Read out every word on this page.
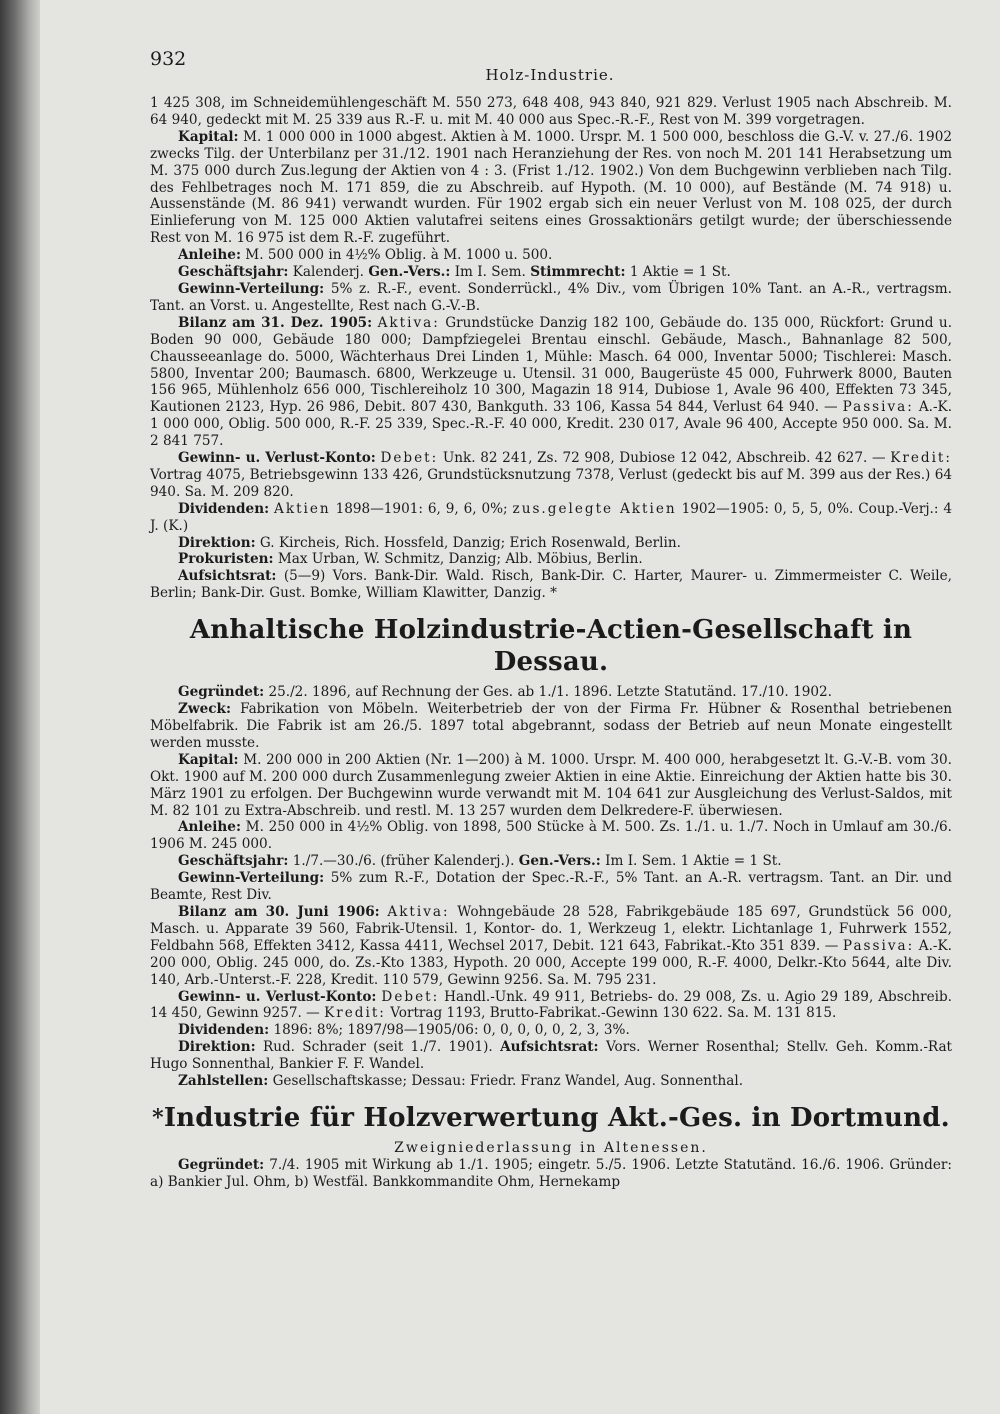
932
Holz-Industrie.

1 425 308, im Schneidemühlengeschäft M. 550 273, 648 408, 943 840, 921 829. Verlust 1905 nach Abschreib. M. 64 940, gedeckt mit M. 25 339 aus R.-F. u. mit M. 40 000 aus Spec.-R.-F., Rest von M. 399 vorgetragen.

Kapital: M. 1 000 000 in 1000 abgest. Aktien à M. 1000. Urspr. M. 1 500 000, beschloss die G.-V. v. 27./6. 1902 zwecks Tilg. der Unterbilanz per 31./12. 1901 nach Heranziehung der Res. von noch M. 201 141 Herabsetzung um M. 375 000 durch Zus.legung der Aktien von 4 : 3. (Frist 1./12. 1902.) Von dem Buchgewinn verblieben nach Tilg. des Fehlbetrages noch M. 171 859, die zu Abschreib. auf Hypoth. (M. 10 000), auf Bestände (M. 74 918) u. Aussenstände (M. 86 941) verwandt wurden. Für 1902 ergab sich ein neuer Verlust von M. 108 025, der durch Einlieferung von M. 125 000 Aktien valutafrei seitens eines Grossaktionärs getilgt wurde; der überschiessende Rest von M. 16 975 ist dem R.-F. zugeführt.

Anleihe: M. 500 000 in 4½% Oblig. à M. 1000 u. 500.

Geschäftsjahr: Kalenderj. Gen.-Vers.: Im I. Sem. Stimmrecht: 1 Aktie = 1 St.

Gewinn-Verteilung: 5% z. R.-F., event. Sonderrückl., 4% Div., vom Übrigen 10% Tant. an A.-R., vertragsm. Tant. an Vorst. u. Angestellte, Rest nach G.-V.-B.

Bilanz am 31. Dez. 1905: Aktiva: Grundstücke Danzig 182 100, Gebäude do. 135 000, Rückfort: Grund u. Boden 90 000, Gebäude 180 000; Dampfziegelei Brentau einschl. Gebäude, Masch., Bahnanlage 82 500, Chausseeanlage do. 5000, Wächterhaus Drei Linden 1, Mühle: Masch. 64 000, Inventar 5000; Tischlerei: Masch. 5800, Inventar 200; Baumasch. 6800, Werkzeuge u. Utensil. 31 000, Baugerüste 45 000, Fuhrwerk 8000, Bauten 156 965, Mühlenholz 656 000, Tischlereiholz 10 300, Magazin 18 914, Dubiose 1, Avale 96 400, Effekten 73 345, Kautionen 2123, Hyp. 26 986, Debit. 807 430, Bankguth. 33 106, Kassa 54 844, Verlust 64 940. — Passiva: A.-K. 1 000 000, Oblig. 500 000, R.-F. 25 339, Spec.-R.-F. 40 000, Kredit. 230 017, Avale 96 400, Accepte 950 000. Sa. M. 2 841 757.

Gewinn- u. Verlust-Konto: Debet: Unk. 82 241, Zs. 72 908, Dubiose 12 042, Abschreib. 42 627. — Kredit: Vortrag 4075, Betriebsgewinn 133 426, Grundstücksnutzung 7378, Verlust (gedeckt bis auf M. 399 aus der Res.) 64 940. Sa. M. 209 820.

Dividenden: Aktien 1898—1901: 6, 9, 6, 0%; zus.gelegte Aktien 1902—1905: 0, 5, 5, 0%. Coup.-Verj.: 4 J. (K.)

Direktion: G. Kircheis, Rich. Hossfeld, Danzig; Erich Rosenwald, Berlin.

Prokuristen: Max Urban, W. Schmitz, Danzig; Alb. Möbius, Berlin.

Aufsichtsrat: (5—9) Vors. Bank-Dir. Wald. Risch, Bank-Dir. C. Harter, Maurer- u. Zimmermeister C. Weile, Berlin; Bank-Dir. Gust. Bomke, William Klawitter, Danzig. *

Anhaltische Holzindustrie-Actien-Gesellschaft in Dessau.

Gegründet: 25./2. 1896, auf Rechnung der Ges. ab 1./1. 1896. Letzte Statutänd. 17./10. 1902.

Zweck: Fabrikation von Möbeln. Weiterbetrieb der von der Firma Fr. Hübner & Rosenthal betriebenen Möbelfabrik. Die Fabrik ist am 26./5. 1897 total abgebrannt, sodass der Betrieb auf neun Monate eingestellt werden musste.

Kapital: M. 200 000 in 200 Aktien (Nr. 1—200) à M. 1000. Urspr. M. 400 000, herabgesetzt lt. G.-V.-B. vom 30. Okt. 1900 auf M. 200 000 durch Zusammenlegung zweier Aktien in eine Aktie. Einreichung der Aktien hatte bis 30. März 1901 zu erfolgen. Der Buchgewinn wurde verwandt mit M. 104 641 zur Ausgleichung des Verlust-Saldos, mit M. 82 101 zu Extra-Abschreib. und restl. M. 13 257 wurden dem Delkredere-F. überwiesen.

Anleihe: M. 250 000 in 4½% Oblig. von 1898, 500 Stücke à M. 500. Zs. 1./1. u. 1./7. Noch in Umlauf am 30./6. 1906 M. 245 000.

Geschäftsjahr: 1./7.—30./6. (früher Kalenderj.). Gen.-Vers.: Im I. Sem. 1 Aktie = 1 St.

Gewinn-Verteilung: 5% zum R.-F., Dotation der Spec.-R.-F., 5% Tant. an A.-R. vertragsm. Tant. an Dir. und Beamte, Rest Div.

Bilanz am 30. Juni 1906: Aktiva: Wohngebäude 28 528, Fabrikgebäude 185 697, Grundstück 56 000, Masch. u. Apparate 39 560, Fabrik-Utensil. 1, Kontor- do. 1, Werkzeug 1, elektr. Lichtanlage 1, Fuhrwerk 1552, Feldbahn 568, Effekten 3412, Kassa 4411, Wechsel 2017, Debit. 121 643, Fabrikat.-Kto 351 839. — Passiva: A.-K. 200 000, Oblig. 245 000, do. Zs.-Kto 1383, Hypoth. 20 000, Accepte 199 000, R.-F. 4000, Delkr.-Kto 5644, alte Div. 140, Arb.-Unterst.-F. 228, Kredit. 110 579, Gewinn 9256. Sa. M. 795 231.

Gewinn- u. Verlust-Konto: Debet: Handl.-Unk. 49 911, Betriebs- do. 29 008, Zs. u. Agio 29 189, Abschreib. 14 450, Gewinn 9257. — Kredit: Vortrag 1193, Brutto-Fabrikat.-Gewinn 130 622. Sa. M. 131 815.

Dividenden: 1896: 8%; 1897/98—1905/06: 0, 0, 0, 0, 0, 2, 3, 3%.

Direktion: Rud. Schrader (seit 1./7. 1901). Aufsichtsrat: Vors. Werner Rosenthal; Stellv. Geh. Komm.-Rat Hugo Sonnenthal, Bankier F. F. Wandel.

Zahlstellen: Gesellschaftskasse; Dessau: Friedr. Franz Wandel, Aug. Sonnenthal.

*Industrie für Holzverwertung Akt.-Ges. in Dortmund.

Zweigniederlassung in Altenessen.

Gegründet: 7./4. 1905 mit Wirkung ab 1./1. 1905; eingetr. 5./5. 1906. Letzte Statutänd. 16./6. 1906. Gründer: a) Bankier Jul. Ohm, b) Westfäl. Bankkommandite Ohm, Hernekamp
